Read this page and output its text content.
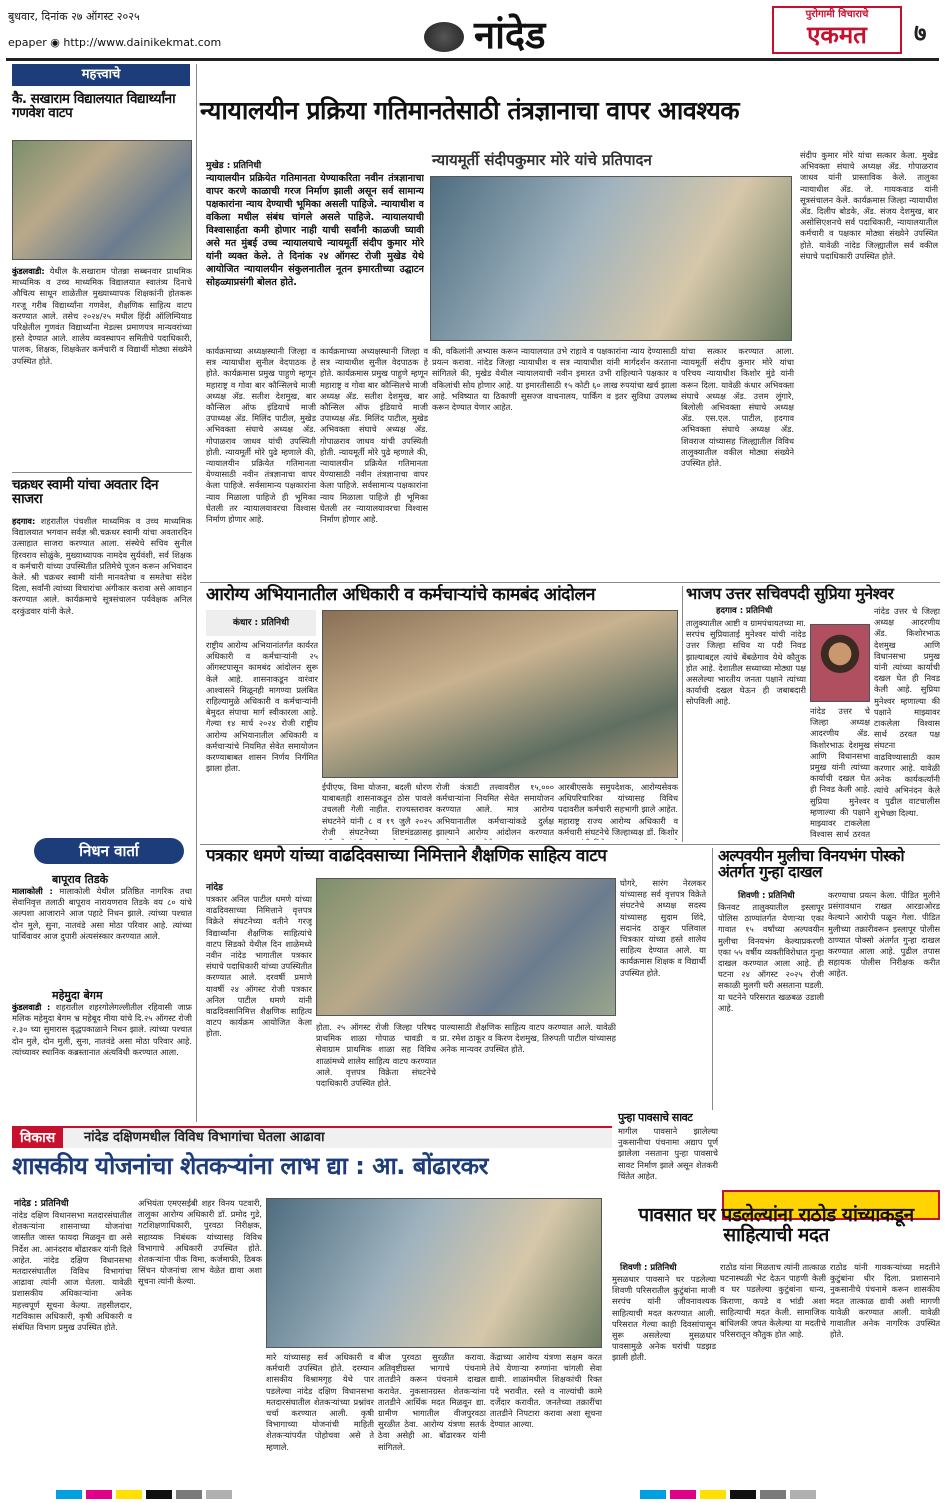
बुधवार, दिनांक २७ ऑगस्ट २०२५
epaper ◉ http://www.dainikekmat.com	नांदेड	पुरोगामी विचाराचे
एकमत	७
महत्त्वाचे
कै. सखाराम विद्यालयात विद्यार्थ्यांना गणवेश वाटप
कुंडलवाडी: येथील कै.सखाराम पोतन्ना सब्बनवार प्राथमिक माध्यमिक व उच्च माध्यमिक विद्यालयात स्वातंत्र्य दिनाचे औचित्य साधून शाळेतील मुख्याध्यापक शिक्षकांनी होतकरू गरजू गरीब विद्यार्थ्यांना गणवेश, शैक्षणिक साहित्य वाटप करण्यात आले. तसेच २०२४/२५ मधील हिंदी ऑलिम्पियाड परिक्षेतील गुणवंत विद्यार्थ्यांना मेडल्स प्रमाणपत्र मान्यवरांच्या हस्ते देण्यात आले. शालेय व्यवस्थापन समितीचे पदाधिकारी, पालक, शिक्षक, शिक्षकेतर कर्मचारी व विद्यार्थी मोठ्या संख्येने उपस्थित होते.
चक्रधर स्वामी यांचा अवतार दिन साजरा
हदगाव: शहरातील पंचशील माध्यमिक व उच्च माध्यमिक विद्यालयात भगवान सर्वज्ञ श्री.चक्रधर स्वामी यांचा अवतारदिन उत्साहात साजरा करण्यात आला. संस्थेचे सचिव सुनील हिरवराव सोळुंके, मुख्याध्यापक नामदेव सुर्यवंशी, सर्व शिक्षक व कर्मचारी यांच्या उपस्थितीत प्रतिमेचे पूजन करून अभिवादन केले. श्री चक्रधर स्वामी यांनी मानवतेचा व समतेचा संदेश दिला, सर्वांनी त्यांच्या विचारांचा अंगीकार करावा असे आवाहन करण्यात आले. कार्यक्रमाचे सूत्रसंचालन पर्यवेक्षक अनिल दरकुंडवार यांनी केले.
निधन वार्ता
बापूराव तिडके
मालाकोली : मालाकोली येथील प्रतिष्ठित नागरिक तथा सेवानिवृत्त तलाठी बापूराव नारायणराव तिडके वय ८० यांचे अल्पशा आजाराने आज पहाटे निधन झाले. त्यांच्या पश्चात दोन मुले, सुना, नातवंडे असा मोठा परिवार आहे. त्यांच्या पार्थिवावर आज दुपारी अंत्यसंस्कार करण्यात आले.
महेमुदा बेगम
कुंडलवाडी : शहरातील शहरगोलेगल्लीतील रहिवासी जाफ्र मलिक महेमुदा बेगम भ्र महेबूद मीया यांचे दि.२५ ऑगस्ट रोजी २.३० च्या सुमारास वृद्धपकाळाने निधन झाले. त्यांच्या पश्चात दोन मुले, दोन मुली, सुना, नातवंडे असा मोठा परिवार आहे. त्यांच्यावर स्थानिक कब्रस्तानात अंत्यविधी करण्यात आला.
न्यायालयीन प्रक्रिया गतिमानतेसाठी तंत्रज्ञानाचा वापर आवश्यक
न्यायमूर्ती संदीपकुमार मोरे यांचे प्रतिपादन
मुखेड : प्रतिनिधी
न्यायालयीन प्रक्रियेत गतिमानता येण्याकरिता नवीन तंत्रज्ञानाचा वापर करणे काळाची गरज निर्माण झाली असून सर्व सामान्य पक्षकारांना न्याय देण्याची भूमिका असली पाहिजे. न्यायाधीश व वकिला मधील संबंध चांगले असले पाहिजे. न्यायालयाची विश्वासार्हता कमी होणार नाही याची सर्वांनी काळजी घ्यावी असे मत मुंबई उच्च न्यायालयाचे न्यायमूर्ती संदीप कुमार मोरे यांनी व्यक्त केले. ते दिनांक २४ ऑगस्ट रोजी मुखेड येथे आयोजित न्यायालयीन संकुलनातील नूतन इमारतीच्या उद्घाटन सोहळ्याप्रसंगी बोलत होते.
कार्यक्रमाच्या अध्यक्षस्थानी जिल्हा व सत्र न्यायाधीश सुनील वेदपाठक हे होते. कार्यक्रमास प्रमुख पाहुणे म्हणून महाराष्ट्र व गोवा बार कौन्सिलचे माजी अध्यक्ष ॲड. सतीश देशमुख, बार कौन्सिल ऑफ इंडियाचे माजी उपाध्यक्ष ॲड. मिलिंद पाटील, मुखेड अभिवक्ता संघाचे अध्यक्ष ॲड. गोपाळराव जाधव यांची उपस्थिती होती. न्यायमूर्ती मोरे पुढे म्हणाले की, न्यायालयीन प्रक्रियेत गतिमानता येण्यासाठी नवीन तंत्रज्ञानाचा वापर केला पाहिजे. सर्वसामान्य पक्षकारांना न्याय मिळाला पाहिजे ही भूमिका घेतली तर न्यायालयावरचा विश्वास निर्माण होणार आहे.
कार्यक्रमाच्या अध्यक्षस्थानी जिल्हा व सत्र न्यायाधीश सुनील वेदपाठक हे होते. कार्यक्रमास प्रमुख पाहुणे म्हणून महाराष्ट्र व गोवा बार कौन्सिलचे माजी अध्यक्ष ॲड. सतीश देशमुख, बार कौन्सिल ऑफ इंडियाचे माजी उपाध्यक्ष ॲड. मिलिंद पाटील, मुखेड अभिवक्ता संघाचे अध्यक्ष ॲड. गोपाळराव जाधव यांची उपस्थिती होती. न्यायमूर्ती मोरे पुढे म्हणाले की, न्यायालयीन प्रक्रियेत गतिमानता येण्यासाठी नवीन तंत्रज्ञानाचा वापर केला पाहिजे. सर्वसामान्य पक्षकारांना न्याय मिळाला पाहिजे ही भूमिका घेतली तर न्यायालयावरचा विश्वास निर्माण होणार आहे.
की, वकिलांनी अभ्यास करून न्यायालयात उभे राहावे व पक्षकारांना न्याय देण्यासाठी प्रयत्न करावा. नांदेड जिल्हा न्यायाधीश व सत्र न्यायाधीश यांनी मार्गदर्शन करताना सांगितले की, मुखेड येथील न्यायालयाची नवीन इमारत उभी राहिल्याने पक्षकार व वकिलांची सोय होणार आहे. या इमारतीसाठी १५ कोटी ६० लाख रुपयांचा खर्च झाला आहे. भविष्यात या ठिकाणी सुसज्ज वाचनालय, पार्किंग व इतर सुविधा उपलब्ध करून देण्यात येणार आहेत.
यांचा सत्कार करण्यात आला. न्यायमूर्ती संदीप कुमार मोरे यांचा परिचय न्यायाधीश किशोर मुंडे यांनी करून दिला. यावेळी कंधार अभिवक्ता संघाचे अध्यक्ष ॲड. उत्तम लुंगारे, बिलोली अभिवक्ता संघाचे अध्यक्ष ॲड. एस.एल. पाटील, हदगाव अभिवक्ता संघाचे अध्यक्ष ॲड. शिवराज यांच्यासह जिल्ह्यातील विविध तालुक्यातील वकील मोठ्या संख्येने उपस्थित होते.
संदीप कुमार मोरे यांचा सत्कार केला. मुखेड अभिवक्ता संघाचे अध्यक्ष ॲड. गोपाळराव जाधव यांनी प्रास्ताविक केले. तालुका न्यायाधीश ॲड. जे. गायकवाड यांनी सूत्रसंचालन केले. कार्यक्रमास जिल्हा न्यायाधीश ॲड. दिलीप बोडके, ॲड. संजय देशमुख, बार असोसिएशनचे सर्व पदाधिकारी, न्यायालयातील कर्मचारी व पक्षकार मोठ्या संख्येने उपस्थित होते. यावेळी नांदेड जिल्ह्यातील सर्व वकील संघाचे पदाधिकारी उपस्थित होते.
आरोग्य अभियानातील अधिकारी व कर्मचाऱ्यांचे कामबंद आंदोलन
कंधार : प्रतिनिधी
राष्ट्रीय आरोग्य अभियानांतर्गत कार्यरत अधिकारी व कर्मचाऱ्यांनी २५ ऑगस्टपासून कामबंद आंदोलन सुरू केले आहे. शासनाकडून वारंवार आश्वासने मिळूनही मागण्या प्रलंबित राहिल्यामुळे अधिकारी व कर्मचाऱ्यांनी बेमुदत संपाचा मार्ग स्वीकारला आहे. गेल्या १४ मार्च २०२४ रोजी राष्ट्रीय आरोग्य अभियानातील अधिकारी व कर्मचाऱ्यांचे नियमित सेवेत समायोजन करण्याबाबत शासन निर्णय निर्गमित झाला होता.
ईपीएफ, विमा योजना, बदली धोरण याबाबतही शासनाकडून ठोस पावले उचलली गेली नाहीत. राज्यस्तरावर संघटनेने यांनी ८ व १९ जुलै २०२५ रोजी संघटनेच्या शिष्टमंडळासह
रोजी कंत्राटी तत्त्वावरील १५,००० कर्मचाऱ्यांना नियमित सेवेत समायोजन करण्यात आले. मात्र आरोग्य अभियानातील कर्मचाऱ्यांकडे दुर्लक्ष झाल्याने आरोग्य आंदोलन करण्यात
आरबीएसके समुपदेशक, आरोग्यसेवक अधिपरिचारिका यांच्यासह विविध पदावरील कर्मचारी सहभागी झाले आहेत. महाराष्ट्र राज्य आरोग्य अधिकारी व कर्मचारी संघटनेचे जिल्हाध्यक्ष डॉ. किशोर
भाजप उत्तर सचिवपदी सुप्रिया मुनेश्वर
हदगाव : प्रतिनिधी
तालुक्यातील आष्टी व ग्रामपंचायतच्या मा. सरपंच सुप्रियाताई मुनेश्वर यांची नांदेड उत्तर जिल्हा सचिव या पदी निवड झाल्याबद्दल त्यांचे बेंबळेगाव येथे कौतुक होत आहे. देशातील सध्याच्या मोठ्या पक्ष असलेल्या भारतीय जनता पक्षाने त्यांच्या कार्याची दखल घेऊन ही जबाबदारी सोपविली आहे.
नांदेड उत्तर चे जिल्हा अध्यक्ष आदरणीय ॲड. किशोरभाऊ देशमुख आणि विधानसभा प्रमुख यांनी त्यांच्या कार्याची दखल घेत ही निवड केली आहे. सुप्रिया मुनेश्वर म्हणाल्या की पक्षाने माझ्यावर टाकलेला विश्वास सार्थ ठरवत पक्ष संघटना वाढविण्यासाठी काम करणार आहे. यावेळी अनेक कार्यकर्त्यांनी त्यांचे अभिनंदन केले व पुढील वाटचालीस शुभेच्छा दिल्या.
नांदेड उत्तर चे जिल्हा अध्यक्ष आदरणीय ॲड. किशोरभाऊ देशमुख आणि विधानसभा प्रमुख यांनी त्यांच्या कार्याची दखल घेत ही निवड केली आहे. सुप्रिया मुनेश्वर म्हणाल्या की पक्षाने माझ्यावर टाकलेला विश्वास सार्थ ठरवत
पत्रकार धमणे यांच्या वाढदिवसाच्या निमित्ताने शैक्षणिक साहित्य वाटप
नांदेड
पत्रकार अनिल पाटील धमणे यांच्या वाढदिवसाच्या निमित्ताने वृत्तपत्र विक्रेते संघटनेच्या वतीने गरजू विद्यार्थ्यांना शैक्षणिक साहित्यांचे वाटप सिडको येथील दिन शाळेमध्ये नवीन नांदेड भागातील पत्रकार संघाचे पदाधिकारी यांच्या उपस्थितीत करण्यात आले. दरवर्षी प्रमाणे यावर्षी २४ ऑगस्ट रोजी पत्रकार अनिल पाटील धमणे यांनी वाढदिवसानिमित्त शैक्षणिक साहित्य वाटप कार्यक्रम आयोजित केला होता.
होता. २५ ऑगस्ट रोजी जिल्हा परिषद प्राथमिक शाळा गोपाळ चावडी व सेवाग्राम प्राथमिक शाळा सह विविध शाळांमध्ये शालेय साहित्य वाटप करण्यात आले. वृत्तपत्र विक्रेता संघटनेचे पदाधिकारी उपस्थित होते.
पाल्यासाठी शैक्षणिक साहित्य वाटप करण्यात आले. यावेळी प्रा. रमेश ठाकूर व किरण देशमुख, तिरुपती पाटील यांच्यासह अनेक मान्यवर उपस्थित होते.
घोगरे, सारंग नेरलकर यांच्यासह सर्व वृत्तपत्र विक्रेते संघटनेचे अध्यक्ष सदस्य यांच्यासह सुदाम शिंदे, सदानंद ठाकूर पलिवाल चित्रकार यांच्या हस्ते शालेय साहित्य देण्यात आले. या कार्यक्रमास शिक्षक व विद्यार्थी उपस्थित होते.
अल्पवयीन मुलीचा विनयभंग पोस्को अंतर्गत गुन्हा दाखल
शिवणी : प्रतिनिधी
किनवट तालुक्यातील इस्लापूर पोलिस ठाण्यांतर्गत येणाऱ्या एका गावात १५ वर्षांच्या अल्पवयीन मुलीचा विनयभंग केल्याप्रकरणी एका ५५ वर्षीय व्यक्तीविरोधात गुन्हा दाखल करण्यात आला आहे. ही घटना २४ ऑगस्ट २०२५ रोजी सकाळी मुलगी घरी असताना घडली. या घटनेने परिसरात खळबळ उडाली आहे.
करण्याचा प्रयत्न केला. पीडित मुलीने प्रसंगावधान राखत आरडाओरड केल्याने आरोपी पळून गेला. पीडित मुलीच्या तक्रारीवरून इस्लापूर पोलीस ठाण्यात पोक्सो अंतर्गत गुन्हा दाखल करण्यात आला आहे. पुढील तपास सहायक पोलीस निरीक्षक करीत आहेत.
पुन्हा पावसाचे सावट
मागील पावसाने झालेल्या नुकसानीचा पंचनामा अद्याप पूर्ण झालेला नसताना पुन्हा पावसाचे सावट निर्माण झाले असून शेतकरी चिंतेत आहेत.
विकास	नांदेड दक्षिणमधील विविध विभागांचा घेतला आढावा
शासकीय योजनांचा शेतकऱ्यांना लाभ द्या : आ. बोंढारकर
नांदेड : प्रतिनिधी
नांदेड दक्षिण विधानसभा मतदारसंघातील शेतकऱ्यांना शासनाच्या योजनांचा जास्तीत जास्त फायदा मिळवून द्या असे निर्देश आ. आनंदराव बोंढारकर यांनी दिले आहेत. नांदेड दक्षिण विधानसभा मतदारसंघातील विविध विभागांचा आढावा त्यांनी आज घेतला. यावेळी प्रशासकीय अधिकाऱ्यांना अनेक महत्त्वपूर्ण सूचना केल्या. तहसीलदार, गटविकास अधिकारी, कृषी अधिकारी व संबंधित विभाग प्रमुख उपस्थित होते.
अभियंता एमएसईबी शहर विनय पटवारी, तालुका आरोग्य अधिकारी डॉ. प्रमोद गुडे, गटशिक्षणाधिकारी, पुरवठा निरीक्षक, सहाय्यक निबंधक यांच्यासह विविध विभागाचे अधिकारी उपस्थित होते. शेतकऱ्यांना पीक विमा, कर्जमाफी, ठिबक सिंचन योजनांचा लाभ वेळेत द्यावा अशा सूचना त्यांनी केल्या.
मारे यांच्यासह सर्व अधिकारी व कर्मचारी उपस्थित होते. दरम्यान शासकीय विश्रामगृह येथे पार पडलेल्या नांदेड दक्षिण विधानसभा मतदारसंघातील शेतकऱ्यांच्या प्रश्नांवर चर्चा करण्यात आली. कृषी विभागाच्या योजनांची माहिती शेतकऱ्यांपर्यंत पोहोचवा असे ते म्हणाले.
बीज पुरवठा सुरळीत करावा. अतिवृष्टीग्रस्त भागाचे पंचनामे तातडीने करून पंचनामे दाखल करावेत. नुकसानग्रस्त शेतकऱ्यांना तातडीने आर्थिक मदत मिळवून द्या. ग्रामीण भागातील वीजपुरवठा सुरळीत ठेवा. आरोग्य यंत्रणा सतर्क ठेवा असेही आ. बोंढारकर यांनी सांगितले.
केंद्राच्या आरोग्य यंत्रणा सक्षम करत तेथे येणाऱ्या रुग्णांना चांगली सेवा द्यावी. शाळांमधील शिक्षकांची रिक्त पदे भरावीत. रस्ते व नाल्यांची कामे दर्जेदार करावीत. जनतेच्या तक्रारींचा तातडीने निपटारा करावा अशा सूचना देण्यात आल्या.
पावसात घर पडलेल्यांना राठोड यांच्याकडून साहित्याची मदत
शिवणी : प्रतिनिधी
मुसळधार पावसाने घर पडलेल्या शिवणी परिसरातील कुटुंबांना माजी सरपंच यांनी जीवनावश्यक साहित्याची मदत करण्यात आली. परिसरात गेल्या काही दिवसांपासून सुरू असलेल्या मुसळधार पावसामुळे अनेक घरांची पडझड झाली होती.
राठोड यांना मिळताच त्यांनी तात्काळ घटनास्थळी भेट देऊन पाहणी केली व घर पडलेल्या कुटुंबांना धान्य, किराणा, कपडे व भांडी अशा साहित्याची मदत केली. सामाजिक बांधिलकी जपत केलेल्या या मदतीचे परिसरातून कौतुक होत आहे.
राठोड यांनी गावकऱ्यांच्या मदतीने कुटुंबांना धीर दिला. प्रशासनाने नुकसानीचे पंचनामे करून शासकीय मदत तात्काळ द्यावी अशी मागणी यावेळी करण्यात आली. यावेळी गावातील अनेक नागरिक उपस्थित होते.
